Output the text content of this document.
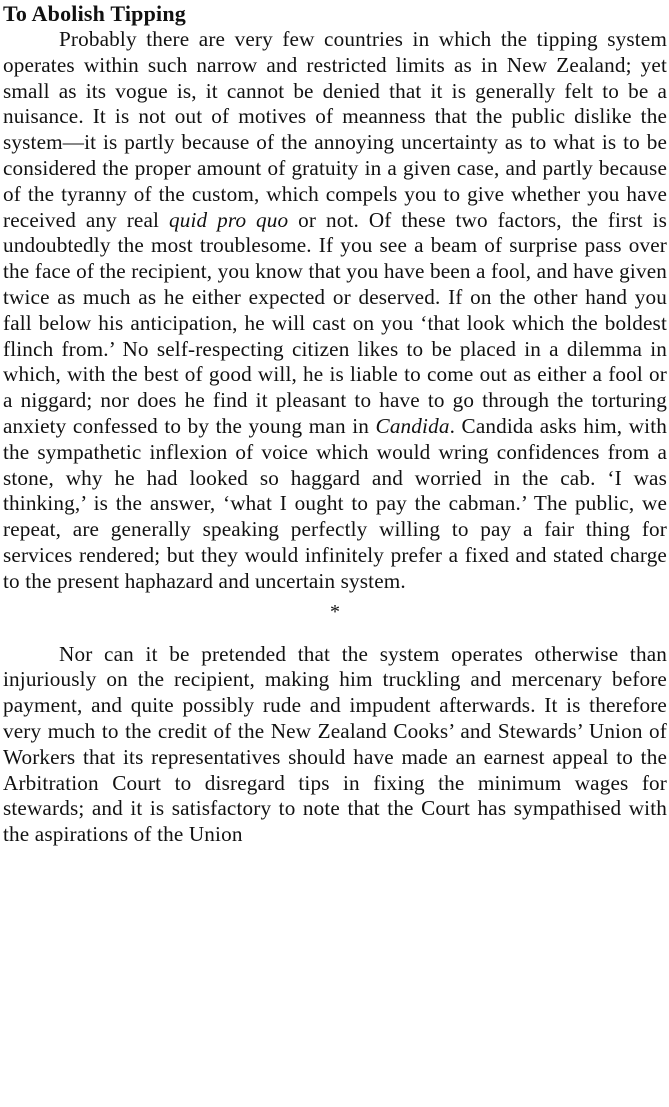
To Abolish Tipping

Probably there are very few countries in which the tipping system operates within such narrow and restricted limits as in New Zealand; yet small as its vogue is, it cannot be denied that it is generally felt to be a nuisance. It is not out of motives of meanness that the public dislike the system—it is partly because of the annoying uncertainty as to what is to be considered the proper amount of gratuity in a given case, and partly because of the tyranny of the custom, which compels you to give whether you have received any real quid pro quo or not. Of these two factors, the first is undoubtedly the most troublesome. If you see a beam of surprise pass over the face of the recipient, you know that you have been a fool, and have given twice as much as he either expected or deserved. If on the other hand you fall below his anticipation, he will cast on you ‘that look which the boldest flinch from.’ No self-respecting citizen likes to be placed in a dilemma in which, with the best of good will, he is liable to come out as either a fool or a niggard; nor does he find it pleasant to have to go through the torturing anxiety confessed to by the young man in Candida. Candida asks him, with the sympathetic inflexion of voice which would wring confidences from a stone, why he had looked so haggard and worried in the cab. ‘I was thinking,’ is the answer, ‘what I ought to pay the cabman.’ The public, we repeat, are generally speaking perfectly willing to pay a fair thing for services rendered; but they would infinitely prefer a fixed and stated charge to the present haphazard and uncertain system.

*

Nor can it be pretended that the system operates otherwise than injuriously on the recipient, making him truckling and mercenary before payment, and quite possibly rude and impudent afterwards. It is therefore very much to the credit of the New Zealand Cooks’ and Stewards’ Union of Workers that its representatives should have made an earnest appeal to the Arbitration Court to disregard tips in fixing the minimum wages for stewards; and it is satisfactory to note that the Court has sympathised with the aspirations of the Union
